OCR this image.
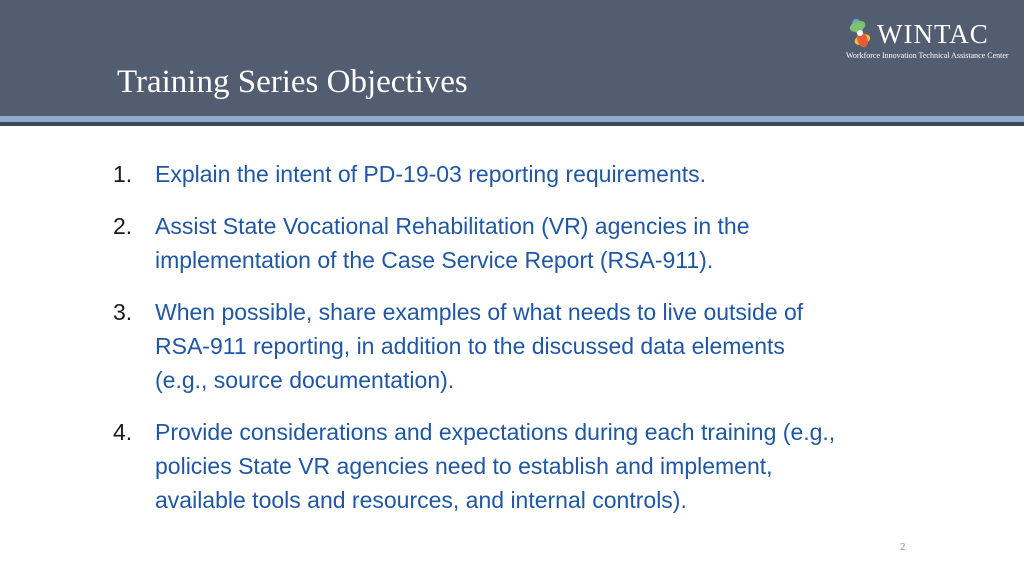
Training Series Objectives
WINTAC
Workforce Innovation Technical Assistance Center
1. Explain the intent of PD-19-03 reporting requirements.
2. Assist State Vocational Rehabilitation (VR) agencies in the
implementation of the Case Service Report (RSA-911).
3. When possible, share examples of what needs to live outside of
RSA-911 reporting, in addition to the discussed data elements
(e.g., source documentation).
4. Provide considerations and expectations during each training (e.g.,
policies State VR agencies need to establish and implement,
available tools and resources, and internal controls).
2
